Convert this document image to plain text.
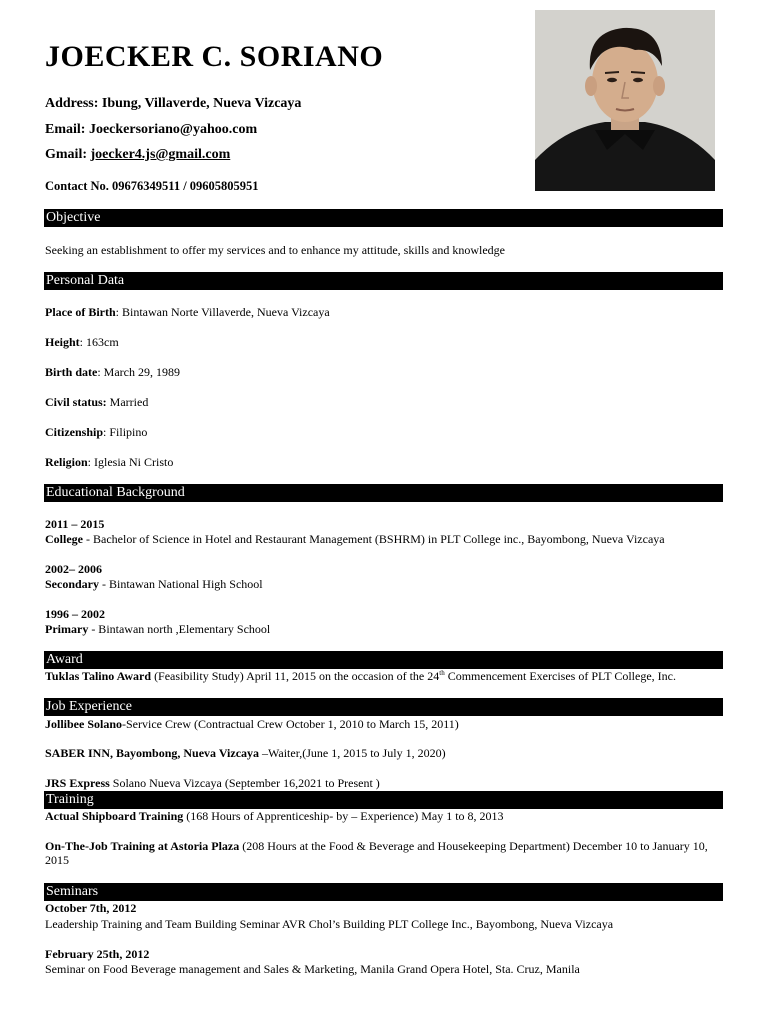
JOECKER C. SORIANO
Address: Ibung, Villaverde, Nueva Vizcaya
Email: Joeckersoriano@yahoo.com
Gmail: joecker4.js@gmail.com
Contact No. 09676349511 / 09605805951
Objective
Seeking an establishment to offer my services and to enhance my attitude, skills and knowledge
Personal Data
Place of Birth: Bintawan Norte Villaverde, Nueva Vizcaya
Height: 163cm
Birth date: March 29, 1989
Civil status: Married
Citizenship: Filipino
Religion: Iglesia Ni Cristo
Educational Background
2011 – 2015
College - Bachelor of Science in Hotel and Restaurant Management (BSHRM) in PLT College inc., Bayombong, Nueva Vizcaya
2002– 2006
Secondary - Bintawan National High School
1996 – 2002
Primary - Bintawan north ,Elementary School
Award
Tuklas Talino Award (Feasibility Study) April 11, 2015 on the occasion of the 24th Commencement Exercises of PLT College, Inc.
Job Experience
Jollibee Solano-Service Crew (Contractual Crew October 1, 2010 to March 15, 2011)
SABER INN, Bayombong, Nueva Vizcaya –Waiter,(June 1, 2015 to July 1, 2020)
JRS Express Solano Nueva Vizcaya (September 16,2021 to Present )
Training
Actual Shipboard Training (168 Hours of Apprenticeship- by – Experience) May 1 to 8, 2013
On-The-Job Training at Astoria Plaza (208 Hours at the Food & Beverage and Housekeeping Department) December 10 to January 10, 2015
Seminars
October 7th, 2012
Leadership Training and Team Building Seminar AVR Chol’s Building PLT College Inc., Bayombong, Nueva Vizcaya
February 25th, 2012
Seminar on Food Beverage management and Sales & Marketing, Manila Grand Opera Hotel, Sta. Cruz, Manila
